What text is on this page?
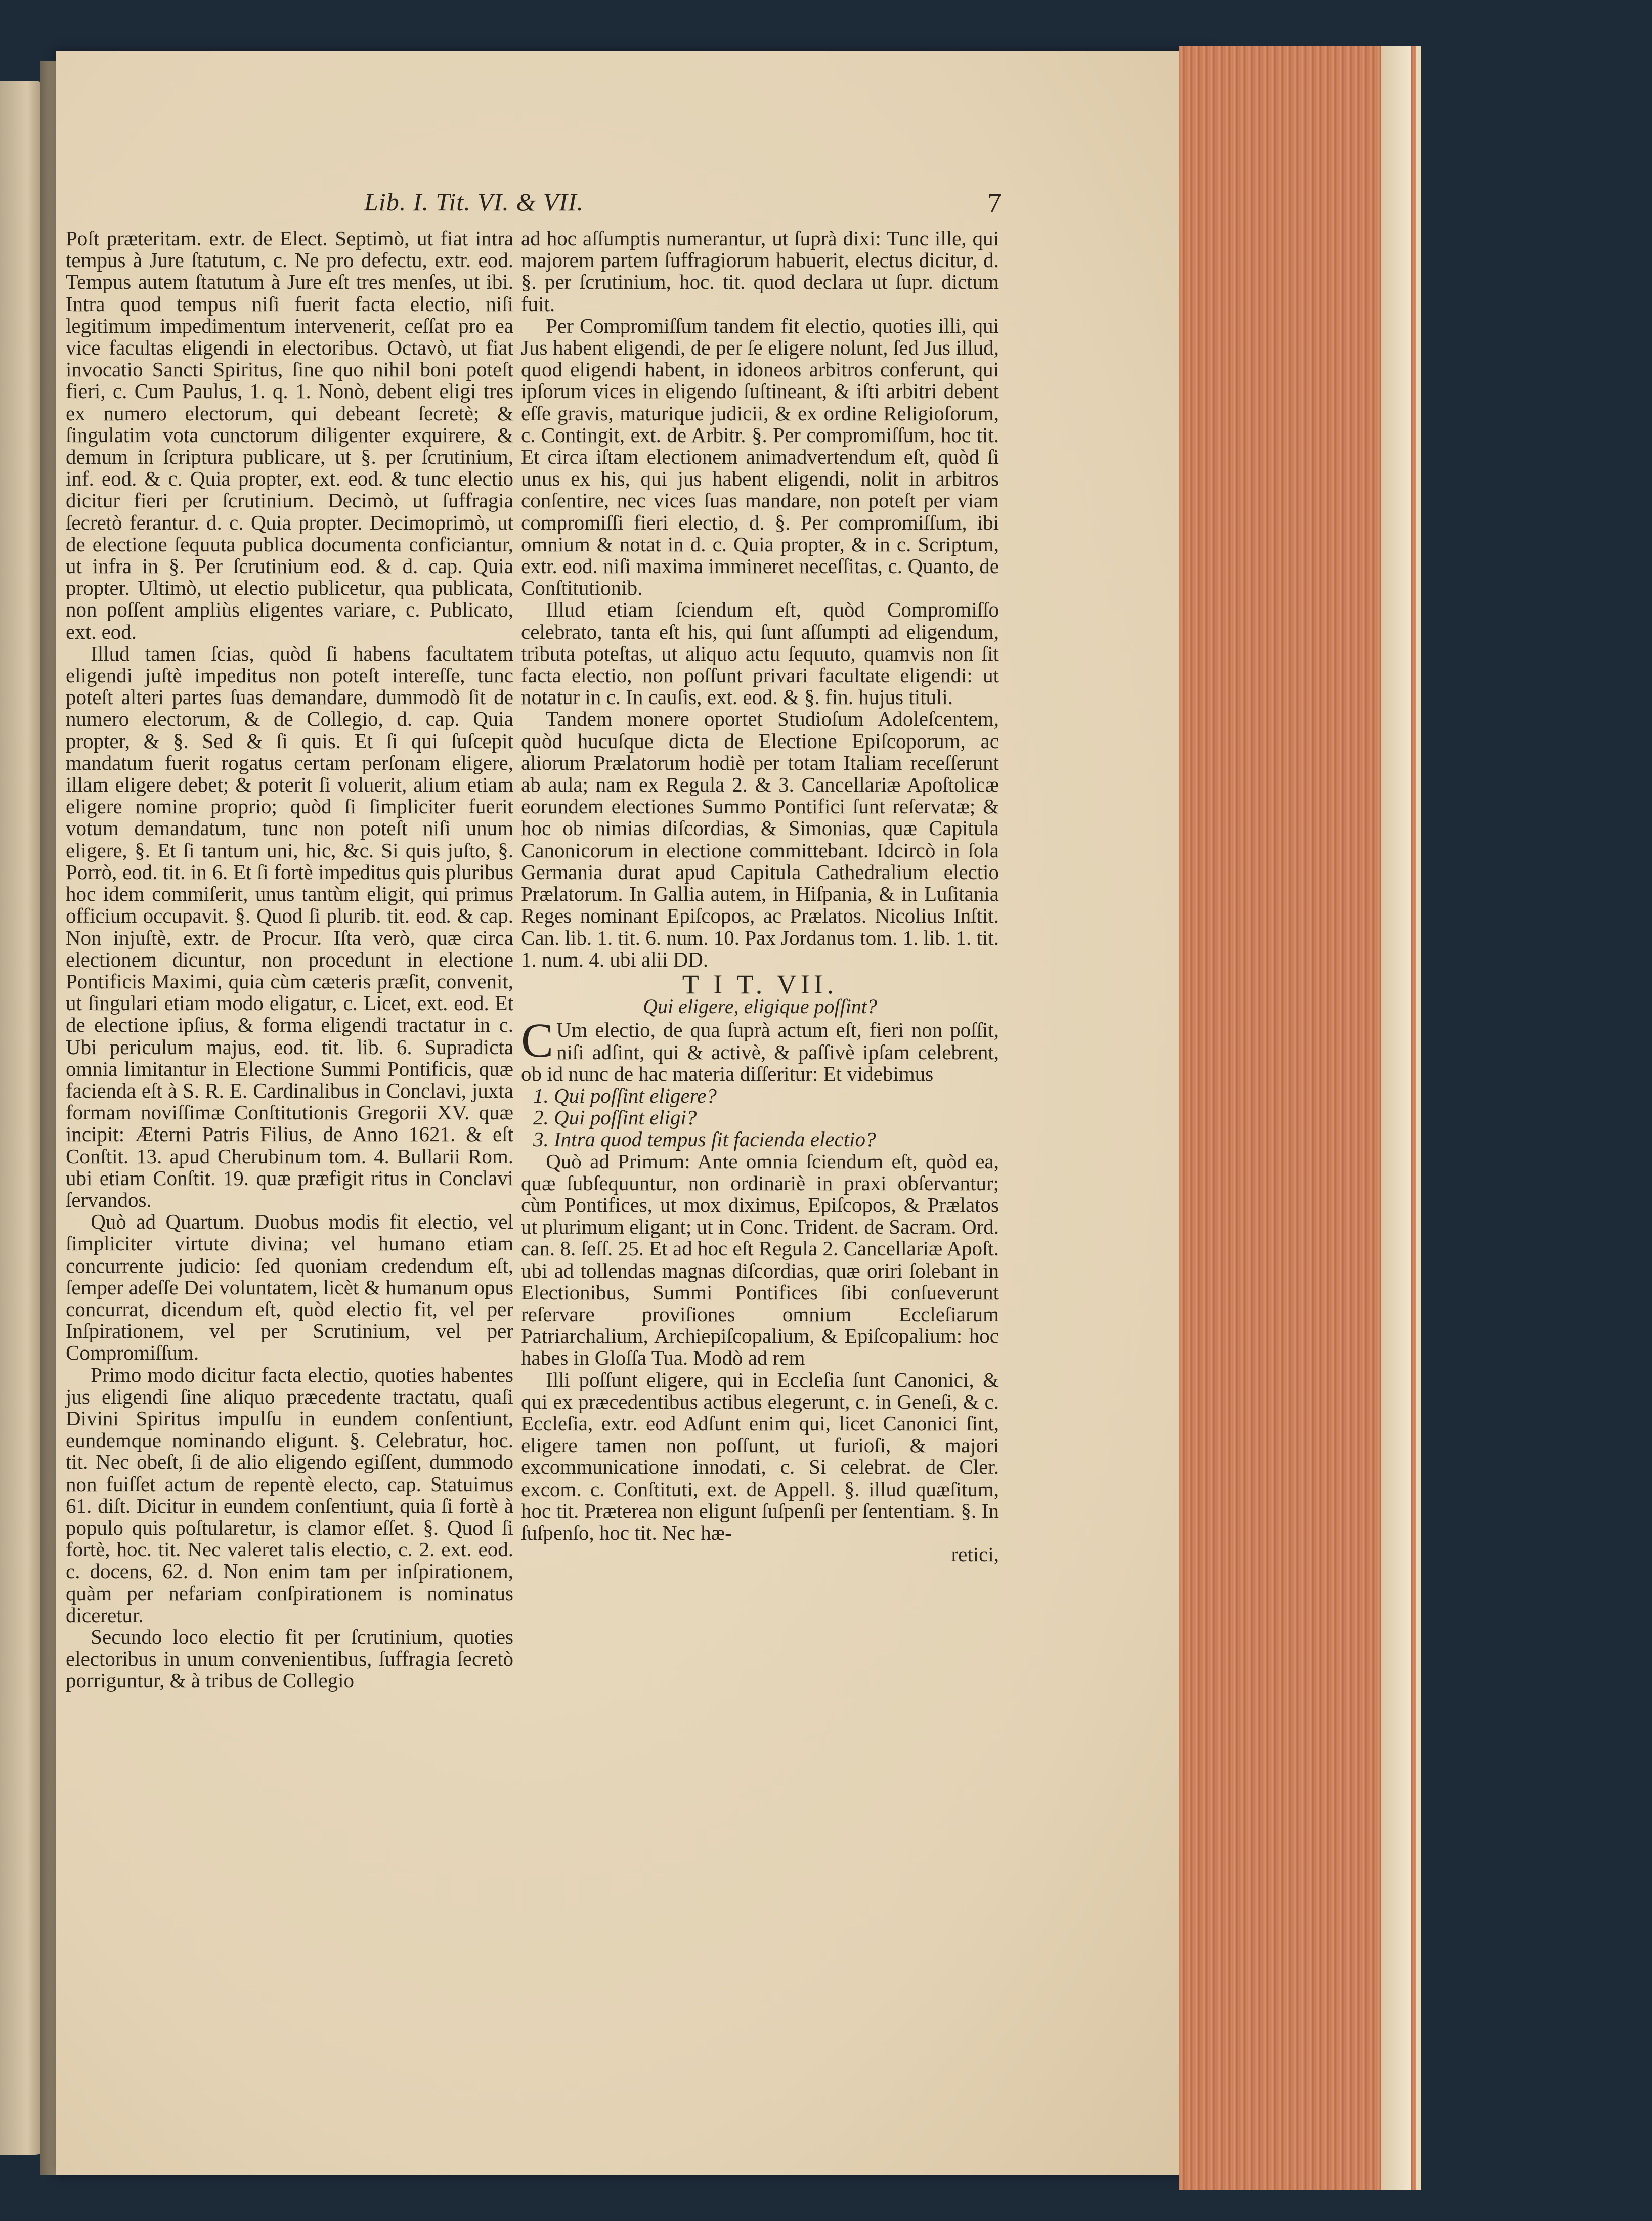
Lib. I. Tit. VI. & VII.	7

Poſt præteritam. extr. de Elect. Septimò, ut fiat intra tempus à Jure ſtatutum, c. Ne pro defectu, extr. eod. Tempus autem ſtatutum à Jure eſt tres menſes, ut ibi. Intra quod tempus niſi fuerit facta electio, niſi legitimum impedimentum intervenerit, ceſſat pro ea vice facultas eligendi in electoribus. Octavò, ut fiat invocatio Sancti Spiritus, ſine quo nihil boni poteſt fieri, c. Cum Paulus, 1. q. 1. Nonò, debent eligi tres ex numero electorum, qui debeant ſecretè; & ſingulatim vota cunctorum diligenter exquirere, & demum in ſcriptura publicare, ut §. per ſcrutinium, inf. eod. & c. Quia propter, ext. eod. & tunc electio dicitur fieri per ſcrutinium. Decimò, ut ſuffragia ſecretò ferantur. d. c. Quia propter. Decimoprimò, ut de electione ſequuta publica documenta conficiantur, ut infra in §. Per ſcrutinium eod. & d. cap. Quia propter. Ultimò, ut electio publicetur, qua publicata, non poſſent ampliùs eligentes variare, c. Publicato, ext. eod.

Illud tamen ſcias, quòd ſi habens facultatem eligendi juſtè impeditus non poteſt intereſſe, tunc poteſt alteri partes ſuas demandare, dummodò ſit de numero electorum, & de Collegio, d. cap. Quia propter, & §. Sed & ſi quis. Et ſi qui ſuſcepit mandatum fuerit rogatus certam perſonam eligere, illam eligere debet; & poterit ſi voluerit, alium etiam eligere nomine proprio; quòd ſi ſimpliciter fuerit votum demandatum, tunc non poteſt niſi unum eligere, §. Et ſi tantum uni, hic, &c. Si quis juſto, §. Porrò, eod. tit. in 6. Et ſi fortè impeditus quis pluribus hoc idem commiſerit, unus tantùm eligit, qui primus officium occupavit. §. Quod ſi plurib. tit. eod. & cap. Non injuſtè, extr. de Procur. Iſta verò, quæ circa electionem dicuntur, non procedunt in electione Pontificis Maximi, quia cùm cæteris præſit, convenit, ut ſingulari etiam modo eligatur, c. Licet, ext. eod. Et de electione ipſius, & forma eligendi tractatur in c. Ubi periculum majus, eod. tit. lib. 6. Supradicta omnia limitantur in Electione Summi Pontificis, quæ facienda eſt à S. R. E. Cardinalibus in Conclavi, juxta formam noviſſimæ Conſtitutionis Gregorii XV. quæ incipit: Æterni Patris Filius, de Anno 1621. & eſt Conſtit. 13. apud Cherubinum tom. 4. Bullarii Rom. ubi etiam Conſtit. 19. quæ præfigit ritus in Conclavi ſervandos.

Quò ad Quartum. Duobus modis fit electio, vel ſimpliciter virtute divina; vel humano etiam concurrente judicio: ſed quoniam credendum eſt, ſemper adeſſe Dei voluntatem, licèt & humanum opus concurrat, dicendum eſt, quòd electio fit, vel per Inſpirationem, vel per Scrutinium, vel per Compromiſſum.

Primo modo dicitur facta electio, quoties habentes jus eligendi ſine aliquo præcedente tractatu, quaſi Divini Spiritus impulſu in eundem conſentiunt, eundemque nominando eligunt. §. Celebratur, hoc. tit. Nec obeſt, ſi de alio eligendo egiſſent, dummodo non fuiſſet actum de repentè electo, cap. Statuimus 61. diſt. Dicitur in eundem conſentiunt, quia ſi fortè à populo quis poſtularetur, is clamor eſſet. §. Quod ſi fortè, hoc. tit. Nec valeret talis electio, c. 2. ext. eod. c. docens, 62. d. Non enim tam per inſpirationem, quàm per nefariam conſpirationem is nominatus diceretur.

Secundo loco electio fit per ſcrutinium, quoties electoribus in unum convenientibus, ſuffragia ſecretò porriguntur, & à tribus de Collegio

ad hoc aſſumptis numerantur, ut ſuprà dixi: Tunc ille, qui majorem partem ſuffragiorum habuerit, electus dicitur, d. §. per ſcrutinium, hoc. tit. quod declara ut ſupr. dictum fuit.

Per Compromiſſum tandem fit electio, quoties illi, qui Jus habent eligendi, de per ſe eligere nolunt, ſed Jus illud, quod eligendi habent, in idoneos arbitros conferunt, qui ipſorum vices in eligendo ſuſtineant, & iſti arbitri debent eſſe gravis, maturique judicii, & ex ordine Religioſorum, c. Contingit, ext. de Arbitr. §. Per compromiſſum, hoc tit. Et circa iſtam electionem animadvertendum eſt, quòd ſi unus ex his, qui jus habent eligendi, nolit in arbitros conſentire, nec vices ſuas mandare, non poteſt per viam compromiſſi fieri electio, d. §. Per compromiſſum, ibi omnium & notat in d. c. Quia propter, & in c. Scriptum, extr. eod. niſi maxima immineret neceſſitas, c. Quanto, de Conſtitutionib.

Illud etiam ſciendum eſt, quòd Compromiſſo celebrato, tanta eſt his, qui ſunt aſſumpti ad eligendum, tributa poteſtas, ut aliquo actu ſequuto, quamvis non ſit facta electio, non poſſunt privari facultate eligendi: ut notatur in c. In cauſis, ext. eod. & §. fin. hujus tituli.

Tandem monere oportet Studioſum Adoleſcentem, quòd hucuſque dicta de Electione Epiſcoporum, ac aliorum Prælatorum hodiè per totam Italiam receſſerunt ab aula; nam ex Regula 2. & 3. Cancellariæ Apoſtolicæ eorundem electiones Summo Pontifici ſunt reſervatæ; & hoc ob nimias diſcordias, & Simonias, quæ Capitula Canonicorum in electione committebant. Idcircò in ſola Germania durat apud Capitula Cathedralium electio Prælatorum. In Gallia autem, in Hiſpania, & in Luſitania Reges nominant Epiſcopos, ac Prælatos. Nicolius Inſtit. Can. lib. 1. tit. 6. num. 10. Pax Jordanus tom. 1. lib. 1. tit. 1. num. 4. ubi alii DD.

T I T. VII.
Qui eligere, eligique poſſint?

C Um electio, de qua ſuprà actum eſt, fieri non poſſit, niſi adſint, qui & activè, & paſſivè ipſam celebrent, ob id nunc de hac materia diſſeritur: Et videbimus

1. Qui poſſint eligere?
2. Qui poſſint eligi?
3. Intra quod tempus ſit facienda electio?

Quò ad Primum: Ante omnia ſciendum eſt, quòd ea, quæ ſubſequuntur, non ordinariè in praxi obſervantur; cùm Pontifices, ut mox diximus, Epiſcopos, & Prælatos ut plurimum eligant; ut in Conc. Trident. de Sacram. Ord. can. 8. ſeſſ. 25. Et ad hoc eſt Regula 2. Cancellariæ Apoſt. ubi ad tollendas magnas diſcordias, quæ oriri ſolebant in Electionibus, Summi Pontifices ſibi conſueverunt reſervare proviſiones omnium Eccleſiarum Patriarchalium, Archiepiſcopalium, & Epiſcopalium: hoc habes in Gloſſa Tua. Modò ad rem

Illi poſſunt eligere, qui in Eccleſia ſunt Canonici, & qui ex præcedentibus actibus elegerunt, c. in Geneſi, & c. Eccleſia, extr. eod Adſunt enim qui, licet Canonici ſint, eligere tamen non poſſunt, ut furioſi, & majori excommunicatione innodati, c. Si celebrat. de Cler. excom. c. Conſtituti, ext. de Appell. §. illud quæſitum, hoc tit. Præterea non eligunt ſuſpenſi per ſententiam. §. In ſuſpenſo, hoc tit. Nec hæ-

retici,
